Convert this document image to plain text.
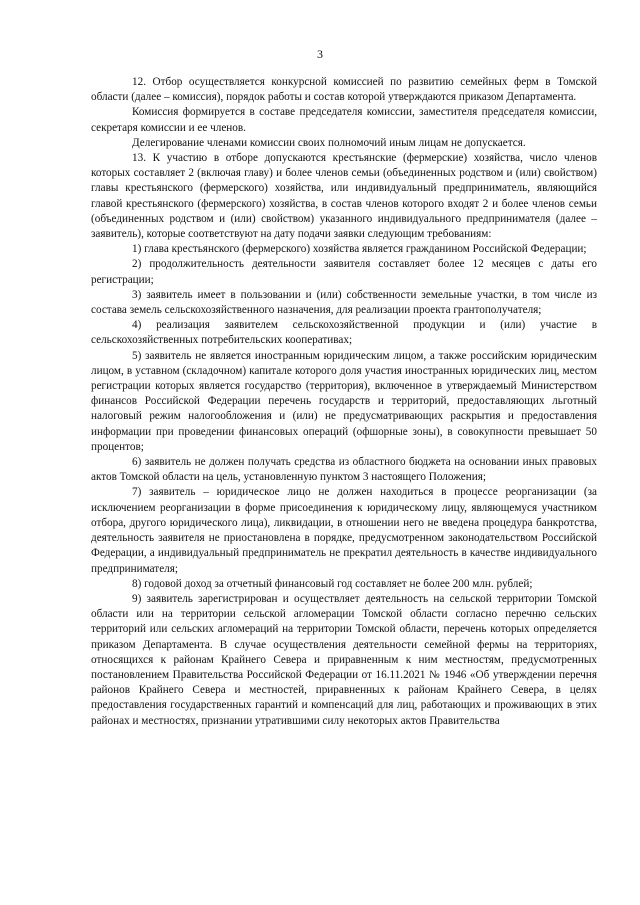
3

12. Отбор осуществляется конкурсной комиссией по развитию семейных ферм в Томской области (далее – комиссия), порядок работы и состав которой утверждаются приказом Департамента.

Комиссия формируется в составе председателя комиссии, заместителя председателя комиссии, секретаря комиссии и ее членов.

Делегирование членами комиссии своих полномочий иным лицам не допускается.

13. К участию в отборе допускаются крестьянские (фермерские) хозяйства, число членов которых составляет 2 (включая главу) и более членов семьи (объединенных родством и (или) свойством) главы крестьянского (фермерского) хозяйства, или индивидуальный предприниматель, являющийся главой крестьянского (фермерского) хозяйства, в состав членов которого входят 2 и более членов семьи (объединенных родством и (или) свойством) указанного индивидуального предпринимателя (далее – заявитель), которые соответствуют на дату подачи заявки следующим требованиям:

1) глава крестьянского (фермерского) хозяйства является гражданином Российской Федерации;

2) продолжительность деятельности заявителя составляет более 12 месяцев с даты его регистрации;

3) заявитель имеет в пользовании и (или) собственности земельные участки, в том числе из состава земель сельскохозяйственного назначения, для реализации проекта грантополучателя;

4) реализация заявителем сельскохозяйственной продукции и (или) участие в сельскохозяйственных потребительских кооперативах;

5) заявитель не является иностранным юридическим лицом, а также российским юридическим лицом, в уставном (складочном) капитале которого доля участия иностранных юридических лиц, местом регистрации которых является государство (территория), включенное в утверждаемый Министерством финансов Российской Федерации перечень государств и территорий, предоставляющих льготный налоговый режим налогообложения и (или) не предусматривающих раскрытия и предоставления информации при проведении финансовых операций (офшорные зоны), в совокупности превышает 50 процентов;

6) заявитель не должен получать средства из областного бюджета на основании иных правовых актов Томской области на цель, установленную пунктом 3 настоящего Положения;

7) заявитель – юридическое лицо не должен находиться в процессе реорганизации (за исключением реорганизации в форме присоединения к юридическому лицу, являющемуся участником отбора, другого юридического лица), ликвидации, в отношении него не введена процедура банкротства, деятельность заявителя не приостановлена в порядке, предусмотренном законодательством Российской Федерации, а индивидуальный предприниматель не прекратил деятельность в качестве индивидуального предпринимателя;

8) годовой доход за отчетный финансовый год составляет не более 200 млн. рублей;

9) заявитель зарегистрирован и осуществляет деятельность на сельской территории Томской области или на территории сельской агломерации Томской области согласно перечню сельских территорий или сельских агломераций на территории Томской области, перечень которых определяется приказом Департамента. В случае осуществления деятельности семейной фермы на территориях, относящихся к районам Крайнего Севера и приравненным к ним местностям, предусмотренных постановлением Правительства Российской Федерации от 16.11.2021 № 1946 «Об утверждении перечня районов Крайнего Севера и местностей, приравненных к районам Крайнего Севера, в целях предоставления государственных гарантий и компенсаций для лиц, работающих и проживающих в этих районах и местностях, признании утратившими силу некоторых актов Правительства
